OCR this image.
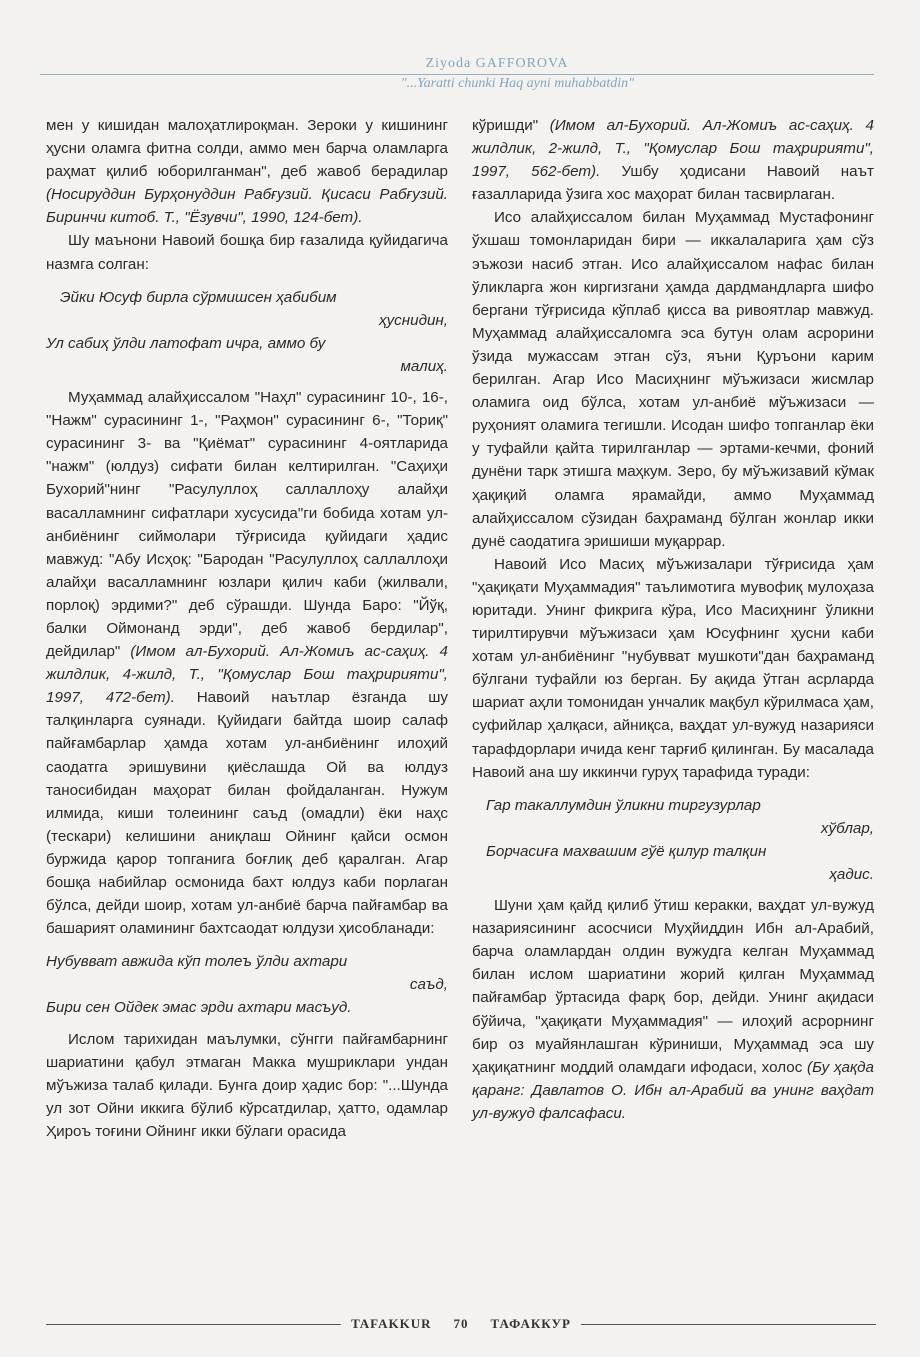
Ziyoda GAFFOROVA
"...Yaratti chunki Haq ayni muhabbatdin"

мен у кишидан малоҳатлироқман. Зероки у кишининг ҳусни оламга фитна солди, аммо мен барча оламларга раҳмат қилиб юборилганман", деб жавоб берадилар (Носируддин Бурҳонуддин Рабғузий. Қисаси Рабғузий. Биринчи китоб. Т., "Ёзувчи", 1990, 124-бет).

Шу маънони Навоий бошқа бир ғазалида қуйидагича назмга солган:

Эйки Юсуф бирла сўрмишсен ҳабибим

ҳуснидин,

Ул сабиҳ ўлди латофат ичра, аммо бу

малиҳ.

Муҳаммад алайҳиссалом "Наҳл" сурасининг 10-, 16-, "Нажм" сурасининг 1-, "Раҳмон" сурасининг 6-, "Ториқ" сурасининг 3- ва "Қиёмат" сурасининг 4-оятларида "нажм" (юлдуз) сифати билан келтирилган. "Саҳиҳи Бухорий"нинг "Расулуллоҳ саллаллоҳу алайҳи васалламнинг сифатлари хусусида"ги бобида хотам ул-анбиёнинг сиймолари тўғрисида қуйидаги ҳадис мавжуд: "Абу Исҳоқ: "Бародан "Расулуллоҳ саллаллоҳи алайҳи васалламнинг юзлари қилич каби (жилвали, порлоқ) эрдими?" деб сўрашди. Шунда Баро: "Йўқ, балки Оймонанд эрди", деб жавоб бердилар", дейдилар" (Имом ал-Бухорий. Ал-Жомиъ ас-саҳиҳ. 4 жилдлик, 4-жилд, Т., "Қомуслар Бош таҳририяти", 1997, 472-бет). Навоий наътлар ёзганда шу талқинларга суянади. Қуйидаги байтда шоир салаф пайғамбарлар ҳамда хотам ул-анбиёнинг илоҳий саодатга эришувини қиёслашда Ой ва юлдуз таносибидан маҳорат билан фойдаланган. Нужум илмида, киши толеининг саъд (омадли) ёки наҳс (тескари) келишини аниқлаш Ойнинг қайси осмон буржида қарор топганига боғлиқ деб қаралган. Агар бошқа набийлар осмонида бахт юлдуз каби порлаган бўлса, дейди шоир, хотам ул-анбиё барча пайғамбар ва башарият оламининг бахтсаодат юлдузи ҳисобланади:

Нубувват авжида кўп толеъ ўлди ахтари

саъд,

Бири сен Ойдек эмас эрди ахтари масъуд.

Ислом тарихидан маълумки, сўнгги пайғамбарнинг шариатини қабул этмаган Макка мушриклари ундан мўъжиза талаб қилади. Бунга доир ҳадис бор: "...Шунда ул зот Ойни иккига бўлиб кўрсатдилар, ҳатто, одамлар Ҳироъ тоғини Ойнинг икки бўлаги орасида

кўришди" (Имом ал-Бухорий. Ал-Жомиъ ас-саҳиҳ. 4 жилдлик, 2-жилд, Т., "Қомуслар Бош таҳририяти", 1997, 562-бет). Ушбу ҳодисани Навоий наът ғазалларида ўзига хос маҳорат билан тасвирлаган.

Исо алайҳиссалом билан Муҳаммад Мустафонинг ўхшаш томонларидан бири — иккалаларига ҳам сўз эъжози насиб этган. Исо алайҳиссалом нафас билан ўликларга жон киргизгани ҳамда дардмандларга шифо бергани тўғрисида кўплаб қисса ва ривоятлар мавжуд. Муҳаммад алайҳиссаломга эса бутун олам асрорини ўзида мужассам этган сўз, яъни Қуръони карим берилган. Агар Исо Масиҳнинг мўъжизаси жисмлар оламига оид бўлса, хотам ул-анбиё мўъжизаси — руҳоният оламига тегишли. Исодан шифо топганлар ёки у туфайли қайта тирилганлар — эртами-кечми, фоний дунёни тарк этишга маҳкум. Зеро, бу мўъжизавий кўмак ҳақиқий оламга ярамайди, аммо Муҳаммад алайҳиссалом сўзидан баҳраманд бўлган жонлар икки дунё саодатига эришиши муқаррар.

Навоий Исо Масиҳ мўъжизалари тўғрисида ҳам "ҳақиқати Муҳаммадия" таълимотига мувофиқ мулоҳаза юритади. Унинг фикрига кўра, Исо Масиҳнинг ўликни тирилтирувчи мўъжизаси ҳам Юсуфнинг ҳусни каби хотам ул-анбиёнинг "нубувват мушкоти"дан баҳраманд бўлгани туфайли юз берган. Бу ақида ўтган асрларда шариат аҳли томонидан унчалик мақбул кўрилмаса ҳам, суфийлар ҳалқаси, айниқса, ваҳдат ул-вужуд назарияси тарафдорлари ичида кенг тарғиб қилинган. Бу масалада Навоий ана шу иккинчи гуруҳ тарафида туради:

Гар такаллумдин ўликни тиргузурлар

хўблар,

Борчасиға махвашим гўё қилур талқин

ҳадис.

Шуни ҳам қайд қилиб ўтиш керакки, ваҳдат ул-вужуд назариясининг асосчиси Муҳйиддин Ибн ал-Арабий, барча оламлардан олдин вужудга келган Муҳаммад билан ислом шариатини жорий қилган Муҳаммад пайғамбар ўртасида фарқ бор, дейди. Унинг ақидаси бўйича, "ҳақиқати Муҳаммадия" — илоҳий асрорнинг бир оз муайянлашган кўриниши, Муҳаммад эса шу ҳақиқатнинг моддий оламдаги ифодаси, холос (Бу ҳақда қаранг: Давлатов О. Ибн ал-Арабий ва унинг ваҳдат ул-вужуд фалсафаси.

TAFAKKUR 70 ТАФАККУР
